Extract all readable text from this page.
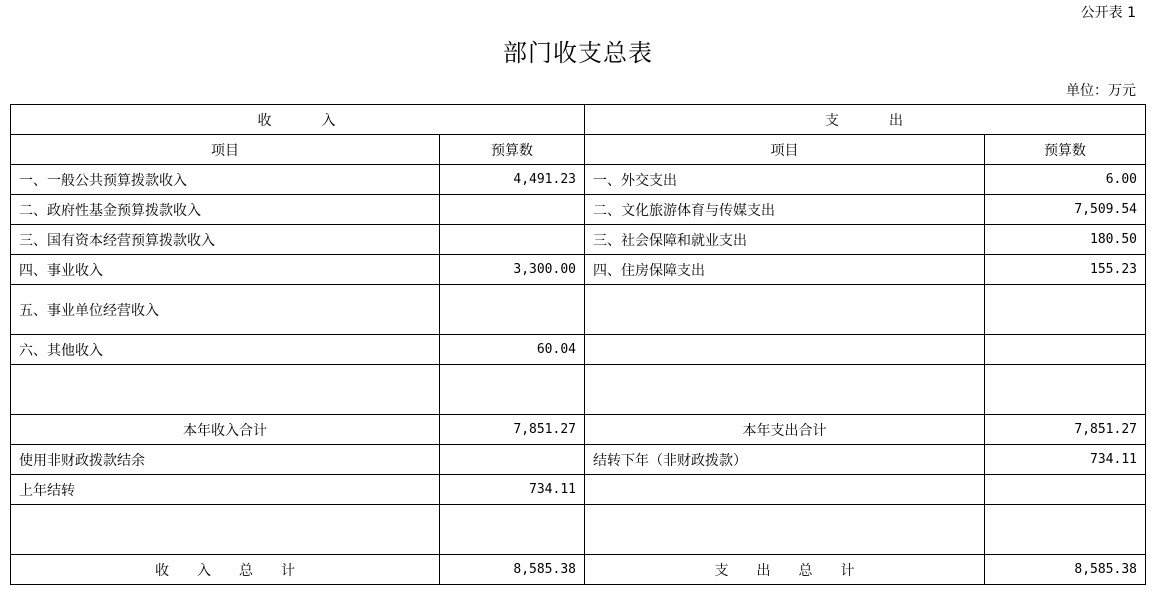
公开表 1
部门收支总表
单位：万元
收　　　入		支　　　出	
项目	预算数	项目	预算数
一、一般公共预算拨款收入	4,491.23	一、外交支出	6.00
二、政府性基金预算拨款收入		二、文化旅游体育与传媒支出	7,509.54
三、国有资本经营预算拨款收入		三、社会保障和就业支出	180.50
四、事业收入	3,300.00	四、住房保障支出	155.23
五、事业单位经营收入			
六、其他收入	60.04		

本年收入合计	7,851.27	本年支出合计	7,851.27
使用非财政拨款结余		结转下年（非财政拨款）	734.11
上年结转	734.11		

收　　入　　总　　计	8,585.38	支　　出　　总　　计	8,585.38
